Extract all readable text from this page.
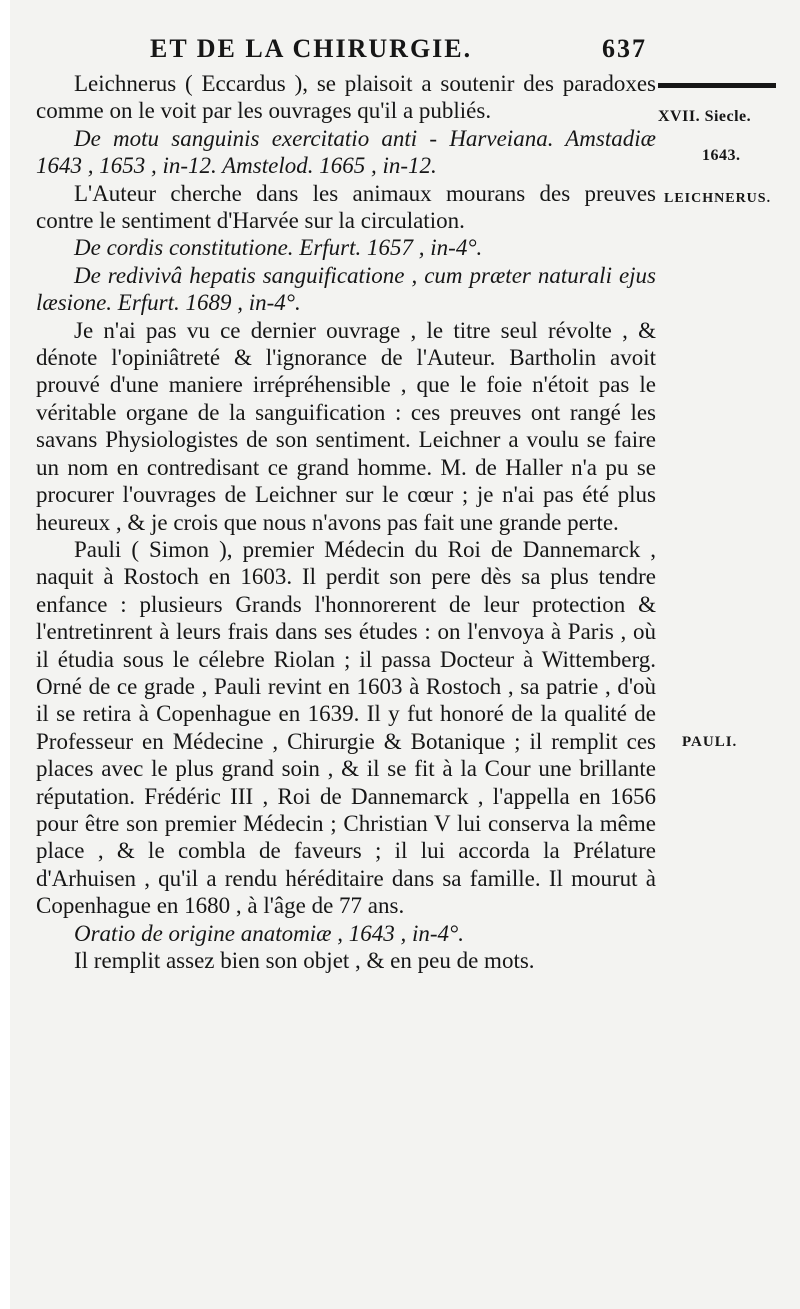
ET DE LA CHIRURGIE.	637

Leichnerus ( Eccardus ), se plaisoit a soutenir des paradoxes comme on le voit par les ouvrages qu'il a publiés.

De motu sanguinis exercitatio anti - Harveiana. Amstadiæ 1643 , 1653 , in-12. Amstelod. 1665 , in-12.

L'Auteur cherche dans les animaux mourans des preuves contre le sentiment d'Harvée sur la circulation.

De cordis constitutione. Erfurt. 1657 , in-4°.

De redivivâ hepatis sanguificatione , cum præter naturali ejus læsione. Erfurt. 1689 , in-4°.

Je n'ai pas vu ce dernier ouvrage , le titre seul révolte , & dénote l'opiniâtreté & l'ignorance de l'Auteur. Bartholin avoit prouvé d'une maniere irrépréhensible , que le foie n'étoit pas le véritable organe de la sanguification : ces preuves ont rangé les savans Physiologistes de son sentiment. Leichner a voulu se faire un nom en contredisant ce grand homme. M. de Haller n'a pu se procurer l'ouvrages de Leichner sur le cœur ; je n'ai pas été plus heureux , & je crois que nous n'avons pas fait une grande perte.

Pauli ( Simon ), premier Médecin du Roi de Dannemarck , naquit à Rostoch en 1603. Il perdit son pere dès sa plus tendre enfance : plusieurs Grands l'honnorerent de leur protection & l'entretinrent à leurs frais dans ses études : on l'envoya à Paris , où il étudia sous le célebre Riolan ; il passa Docteur à Wittemberg. Orné de ce grade , Pauli revint en 1603 à Rostoch , sa patrie , d'où il se retira à Copenhague en 1639. Il y fut honoré de la qualité de Professeur en Médecine , Chirurgie & Botanique ; il remplit ces places avec le plus grand soin , & il se fit à la Cour une brillante réputation. Frédéric III , Roi de Dannemarck , l'appella en 1656 pour être son premier Médecin ; Christian V lui conserva la même place , & le combla de faveurs ; il lui accorda la Prélature d'Arhuisen , qu'il a rendu héréditaire dans sa famille. Il mourut à Copenhague en 1680 , à l'âge de 77 ans.

Oratio de origine anatomiæ , 1643 , in-4°.

Il remplit assez bien son objet , & en peu de mots.

XVII. Siecle.
1643.
LEICHNERUS.
PAULI.
